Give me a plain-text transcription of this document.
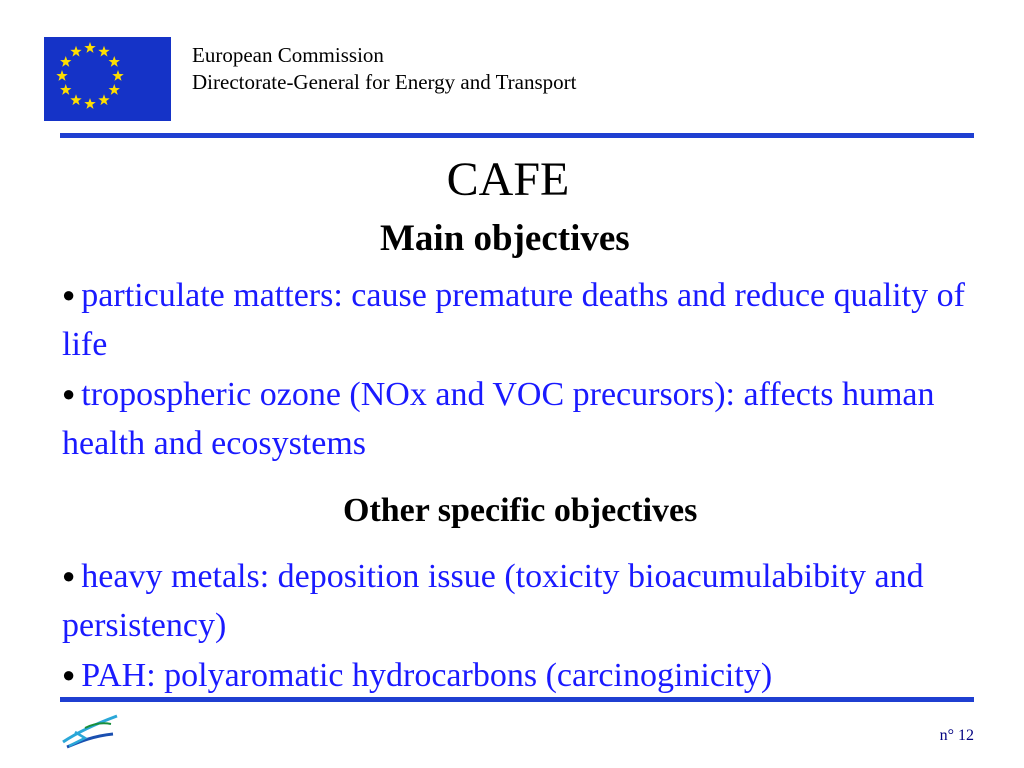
European Commission
Directorate-General for Energy and Transport
CAFE
Main objectives
● particulate matters: cause premature deaths and reduce quality of life
● tropospheric ozone (NOx and VOC precursors): affects human health and ecosystems
Other specific objectives
● heavy metals: deposition issue (toxicity bioacumulabibity and persistency)
● PAH: polyaromatic hydrocarbons (carcinoginicity)
n° 12
